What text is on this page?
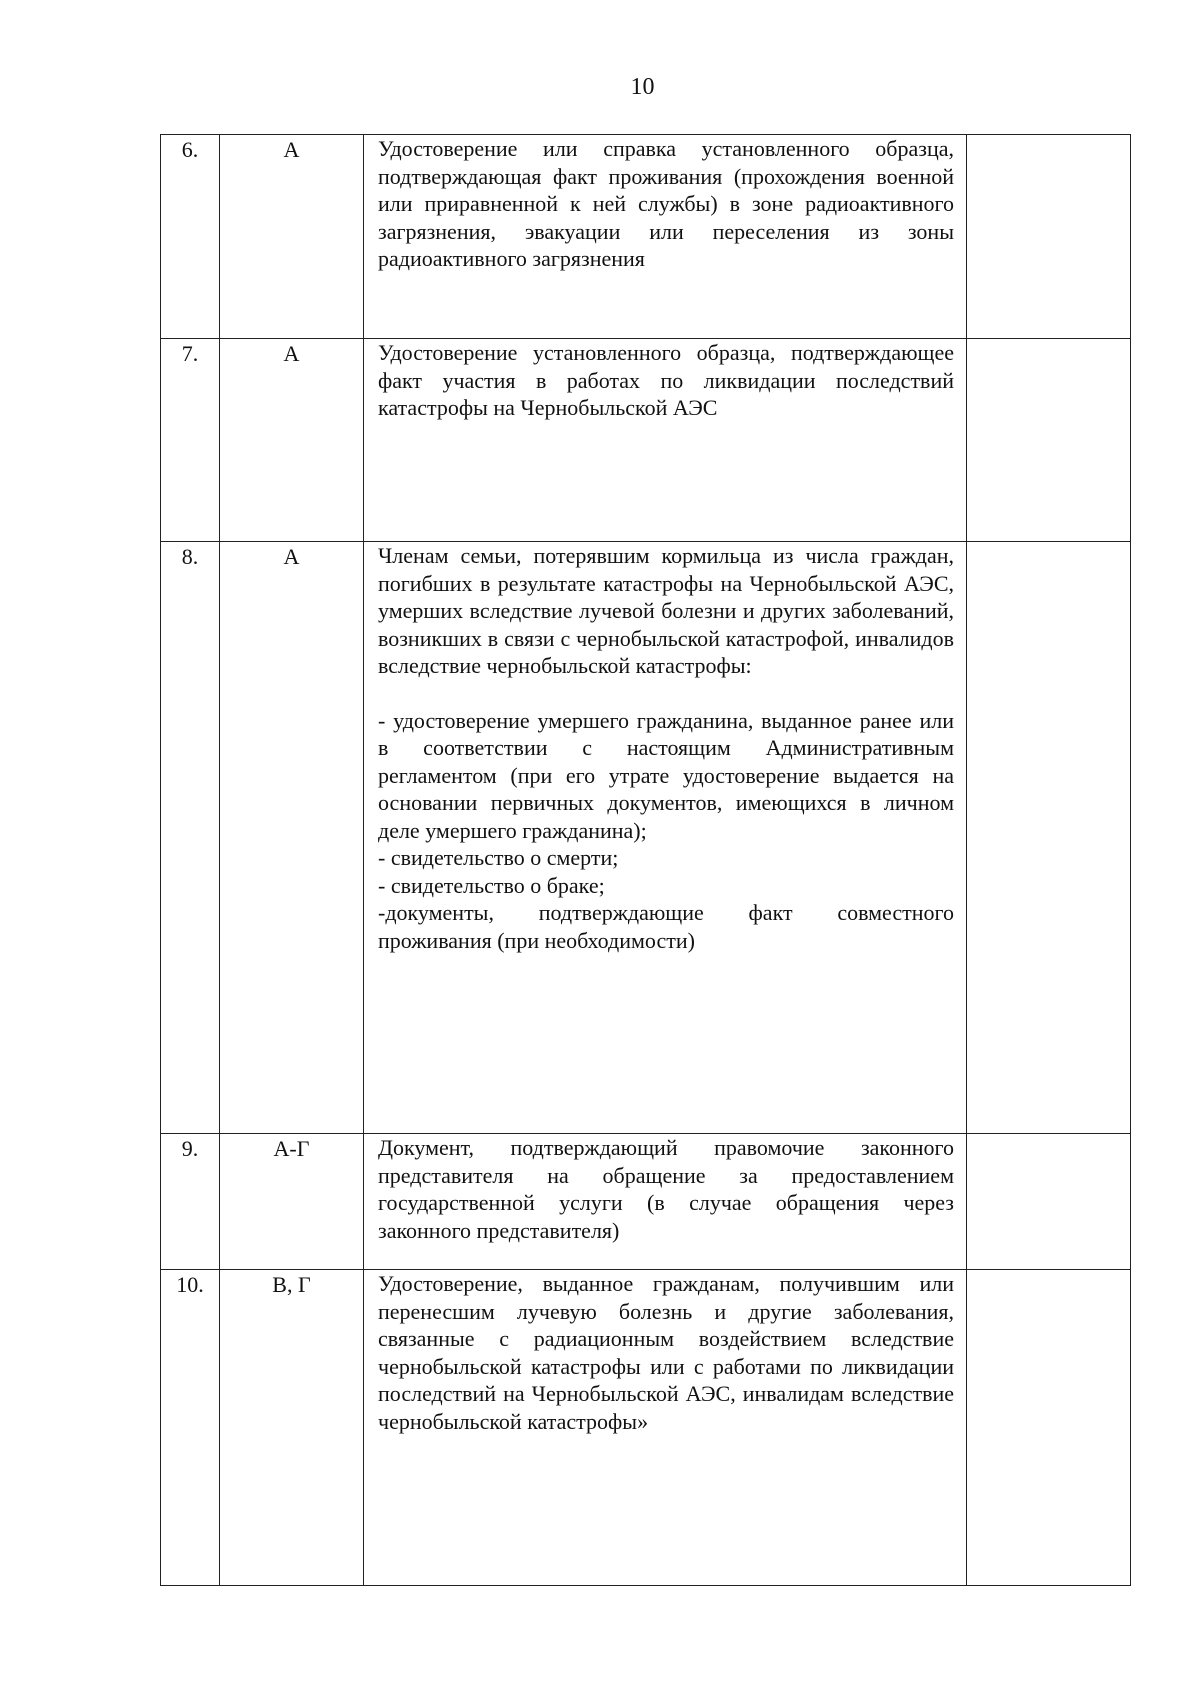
10
6.	А	Удостоверение или справка установленного образца, подтверждающая факт проживания (прохождения военной или приравненной к ней службы) в зоне радиоактивного загрязнения, эвакуации или переселения из зоны радиоактивного загрязнения	

7.	А	Удостоверение установленного образца, подтверждающее факт участия в работах по ликвидации последствий катастрофы на Чернобыльской АЭС	

8.	А	Членам семьи, потерявшим кормильца из числа граждан, погибших в результате катастрофы на Чернобыльской АЭС, умерших вследствие лучевой болезни и других заболеваний, возникших в связи с чернобыльской катастрофой, инвалидов вследствие чернобыльской катастрофы:

- удостоверение умершего гражданина, выданное ранее или в соответствии с настоящим Административным регламентом (при его утрате удостоверение выдается на основании первичных документов, имеющихся в личном деле умершего гражданина);

- свидетельство о смерти;

- свидетельство о браке;

-документы, подтверждающие факт совместного проживания (при необходимости)	

9.	А-Г	Документ, подтверждающий правомочие законного представителя на обращение за предоставлением государственной услуги (в случае обращения через законного представителя)	

10.	В, Г	Удостоверение, выданное гражданам, получившим или перенесшим лучевую болезнь и другие заболевания, связанные с радиационным воздействием вследствие чернобыльской катастрофы или с работами по ликвидации последствий на Чернобыльской АЭС, инвалидам вследствие чернобыльской катастрофы»	
